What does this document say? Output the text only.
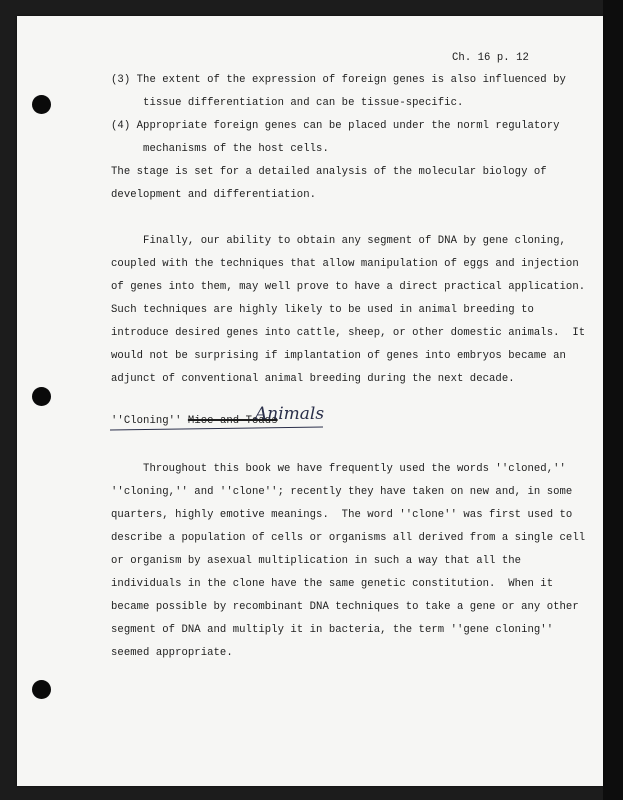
Ch. 16 p. 12
(3) The extent of the expression of foreign genes is also influenced by
tissue differentiation and can be tissue-specific.
(4) Appropriate foreign genes can be placed under the norml regulatory
mechanisms of the host cells.
The stage is set for a detailed analysis of the molecular biology of
development and differentiation.
Finally, our ability to obtain any segment of DNA by gene cloning,
coupled with the techniques that allow manipulation of eggs and injection
of genes into them, may well prove to have a direct practical application.
Such techniques are highly likely to be used in animal breeding to
introduce desired genes into cattle, sheep, or other domestic animals.  It
would not be surprising if implantation of genes into embryos became an
adjunct of conventional animal breeding during the next decade.
''Cloning'' Mice and Toads
Animals
Throughout this book we have frequently used the words ''cloned,''
''cloning,'' and ''clone''; recently they have taken on new and, in some
quarters, highly emotive meanings.  The word ''clone'' was first used to
describe a population of cells or organisms all derived from a single cell
or organism by asexual multiplication in such a way that all the
individuals in the clone have the same genetic constitution.  When it
became possible by recombinant DNA techniques to take a gene or any other
segment of DNA and multiply it in bacteria, the term ''gene cloning''
seemed appropriate.
